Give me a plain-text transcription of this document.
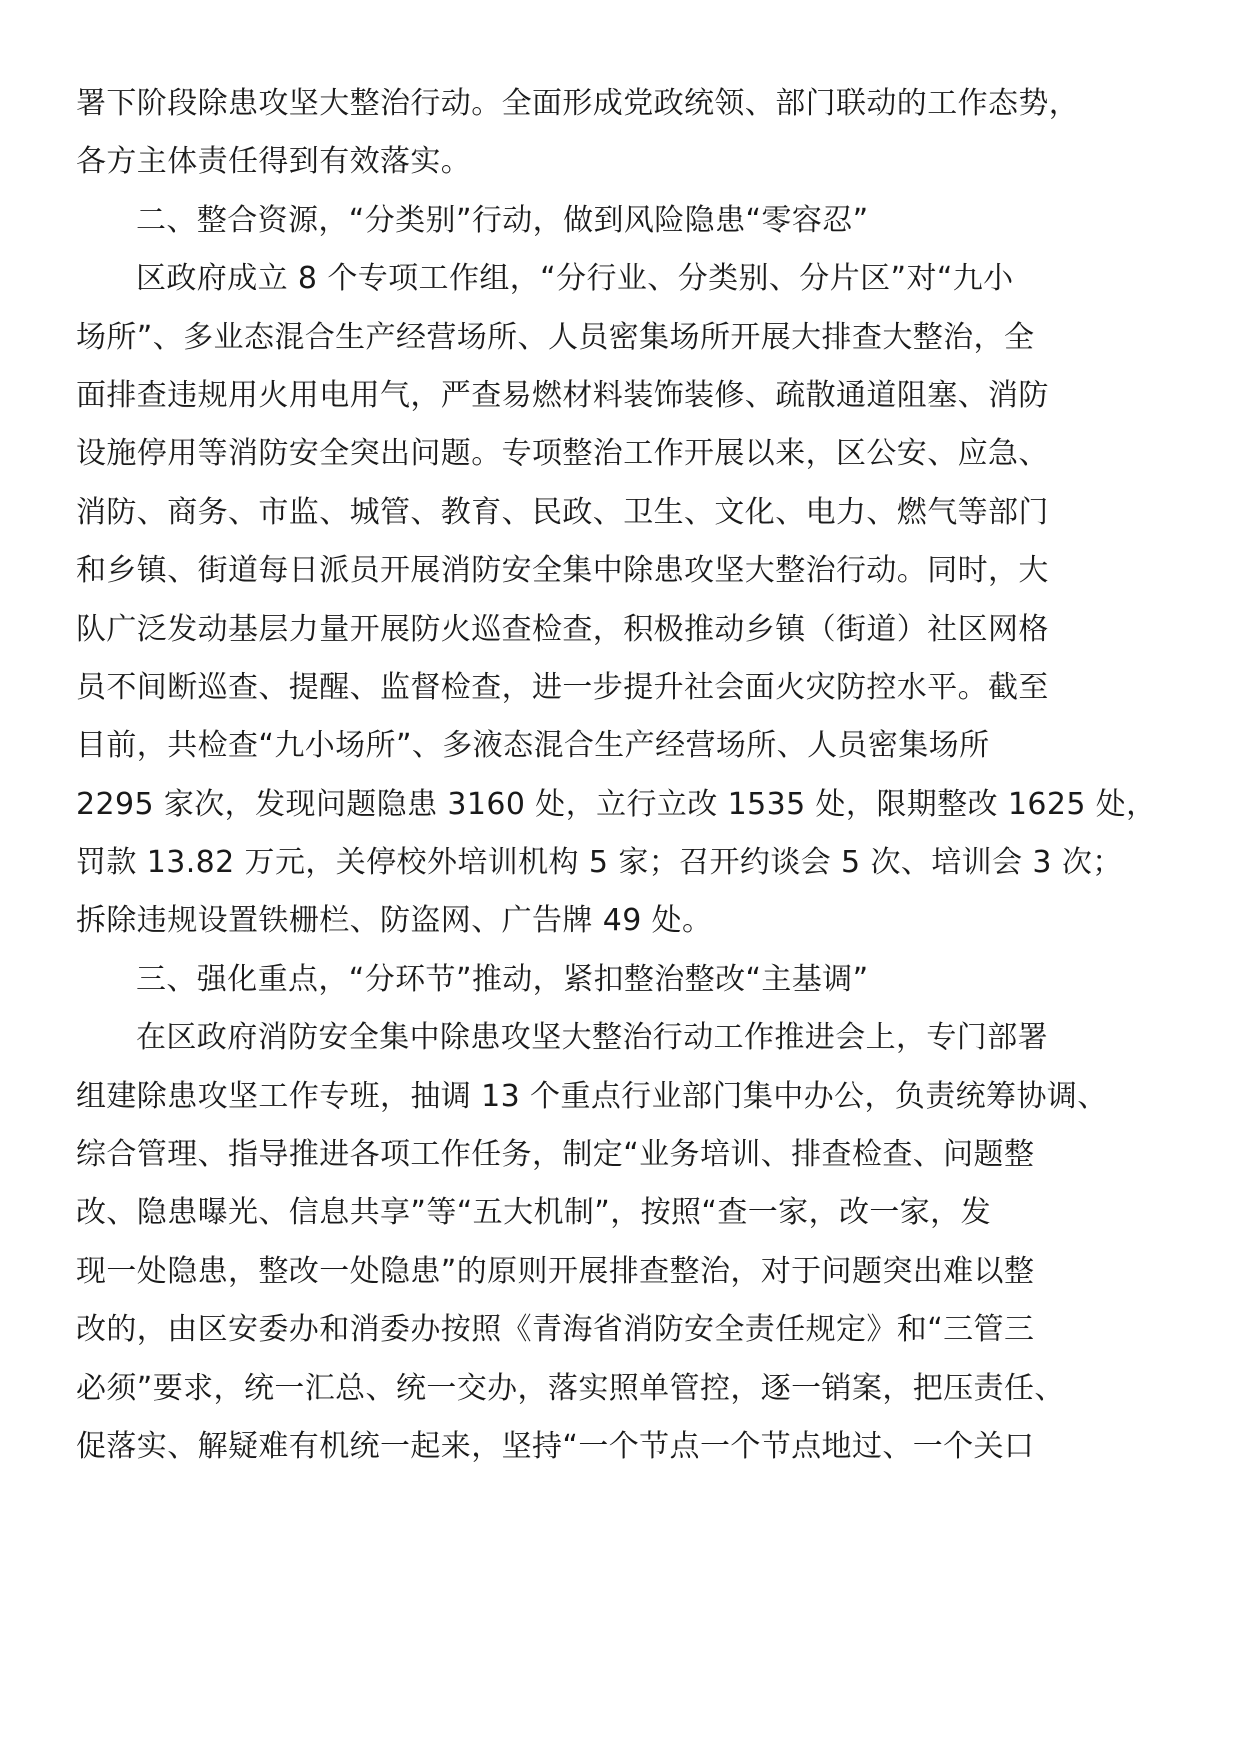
署下阶段除患攻坚大整治行动。全面形成党政统领、部门联动的工作态势，
各方主体责任得到有效落实。
二、整合资源，“分类别”行动，做到风险隐患“零容忍”
区政府成立 8 个专项工作组，“分行业、分类别、分片区”对“九小
场所”、多业态混合生产经营场所、人员密集场所开展大排查大整治，全
面排查违规用火用电用气，严查易燃材料装饰装修、疏散通道阻塞、消防
设施停用等消防安全突出问题。专项整治工作开展以来，区公安、应急、
消防、商务、市监、城管、教育、民政、卫生、文化、电力、燃气等部门
和乡镇、街道每日派员开展消防安全集中除患攻坚大整治行动。同时，大
队广泛发动基层力量开展防火巡查检查，积极推动乡镇（街道）社区网格
员不间断巡查、提醒、监督检查，进一步提升社会面火灾防控水平。截至
目前，共检查“九小场所”、多液态混合生产经营场所、人员密集场所
2295 家次，发现问题隐患 3160 处，立行立改 1535 处，限期整改 1625 处，
罚款 13.82 万元，关停校外培训机构 5 家；召开约谈会 5 次、培训会 3 次；
拆除违规设置铁栅栏、防盗网、广告牌 49 处。
三、强化重点，“分环节”推动，紧扣整治整改“主基调”
在区政府消防安全集中除患攻坚大整治行动工作推进会上，专门部署
组建除患攻坚工作专班，抽调 13 个重点行业部门集中办公，负责统筹协调、
综合管理、指导推进各项工作任务，制定“业务培训、排查检查、问题整
改、隐患曝光、信息共享”等“五大机制”，按照“查一家，改一家，发
现一处隐患，整改一处隐患”的原则开展排查整治，对于问题突出难以整
改的，由区安委办和消委办按照《青海省消防安全责任规定》和“三管三
必须”要求，统一汇总、统一交办，落实照单管控，逐一销案，把压责任、
促落实、解疑难有机统一起来，坚持“一个节点一个节点地过、一个关口
